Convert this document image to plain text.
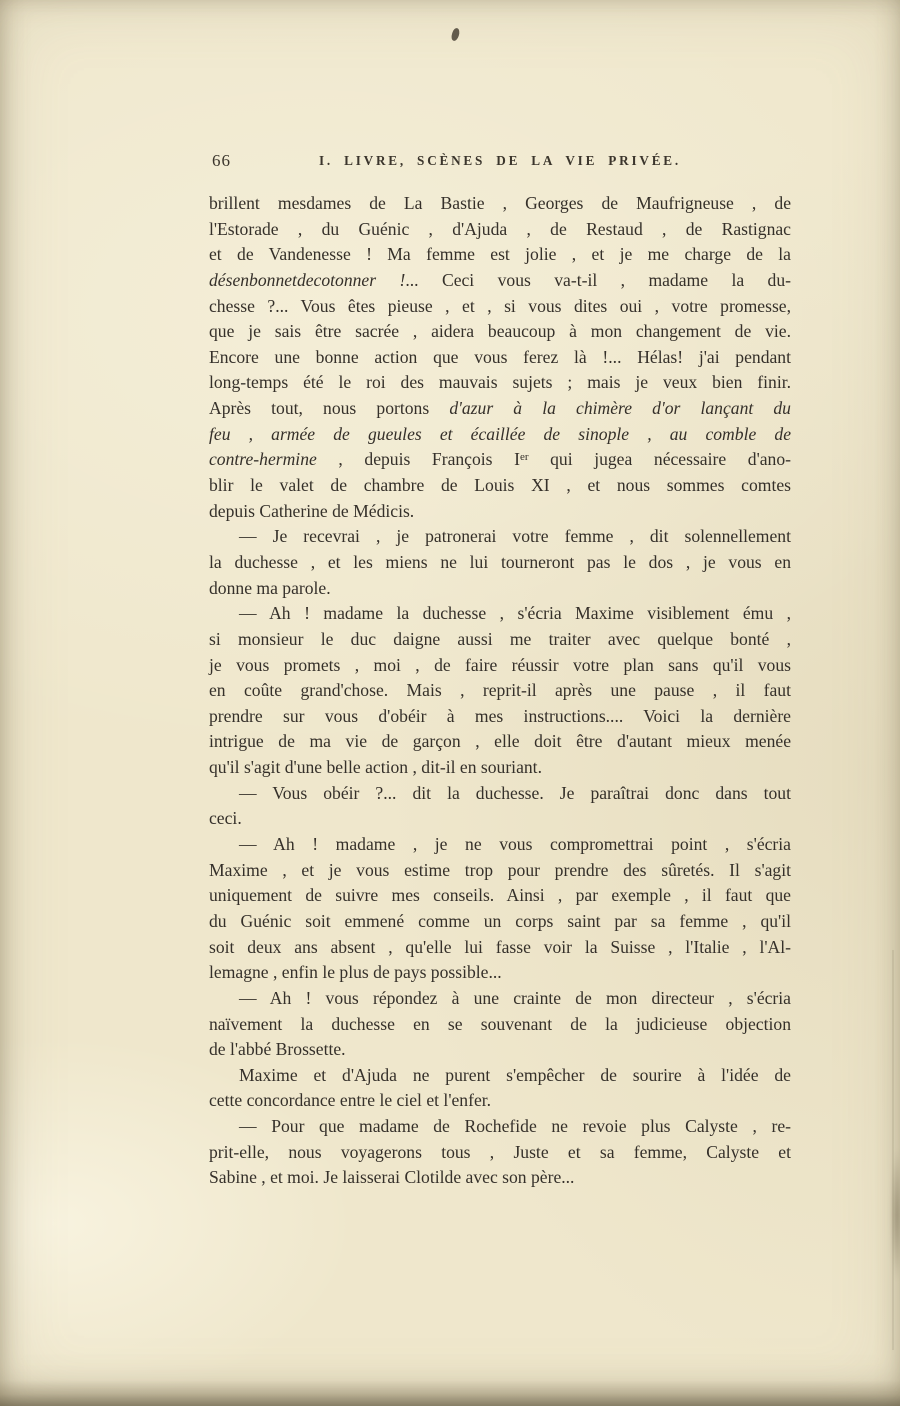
66	I. LIVRE, SCÈNES DE LA VIE PRIVÉE.
brillent mesdames de La Bastie , Georges de Maufrigneuse , de
l'Estorade , du Guénic , d'Ajuda , de Restaud , de Rastignac
et de Vandenesse ! Ma femme est jolie , et je me charge de la
désenbonnetdecotonner !... Ceci vous va-t-il , madame la du-
chesse ?... Vous êtes pieuse , et , si vous dites oui , votre promesse,
que je sais être sacrée , aidera beaucoup à mon changement de vie.
Encore une bonne action que vous ferez là !... Hélas! j'ai pendant
long-temps été le roi des mauvais sujets ; mais je veux bien finir.
Après tout, nous portons d'azur à la chimère d'or lançant du
feu , armée de gueules et écaillée de sinople , au comble de
contre-hermine , depuis François Ier qui jugea nécessaire d'ano-
blir le valet de chambre de Louis XI , et nous sommes comtes
depuis Catherine de Médicis.
— Je recevrai , je patronerai votre femme , dit solennellement
la duchesse , et les miens ne lui tourneront pas le dos , je vous en
donne ma parole.
— Ah ! madame la duchesse , s'écria Maxime visiblement ému ,
si monsieur le duc daigne aussi me traiter avec quelque bonté ,
je vous promets , moi , de faire réussir votre plan sans qu'il vous
en coûte grand'chose. Mais , reprit-il après une pause , il faut
prendre sur vous d'obéir à mes instructions.... Voici la dernière
intrigue de ma vie de garçon , elle doit être d'autant mieux menée
qu'il s'agit d'une belle action , dit-il en souriant.
— Vous obéir ?... dit la duchesse. Je paraîtrai donc dans tout
ceci.
— Ah ! madame , je ne vous compromettrai point , s'écria
Maxime , et je vous estime trop pour prendre des sûretés. Il s'agit
uniquement de suivre mes conseils. Ainsi , par exemple , il faut que
du Guénic soit emmené comme un corps saint par sa femme , qu'il
soit deux ans absent , qu'elle lui fasse voir la Suisse , l'Italie , l'Al-
lemagne , enfin le plus de pays possible...
— Ah ! vous répondez à une crainte de mon directeur , s'écria
naïvement la duchesse en se souvenant de la judicieuse objection
de l'abbé Brossette.
Maxime et d'Ajuda ne purent s'empêcher de sourire à l'idée de
cette concordance entre le ciel et l'enfer.
— Pour que madame de Rochefide ne revoie plus Calyste , re-
prit-elle, nous voyagerons tous , Juste et sa femme, Calyste et
Sabine , et moi. Je laisserai Clotilde avec son père...
